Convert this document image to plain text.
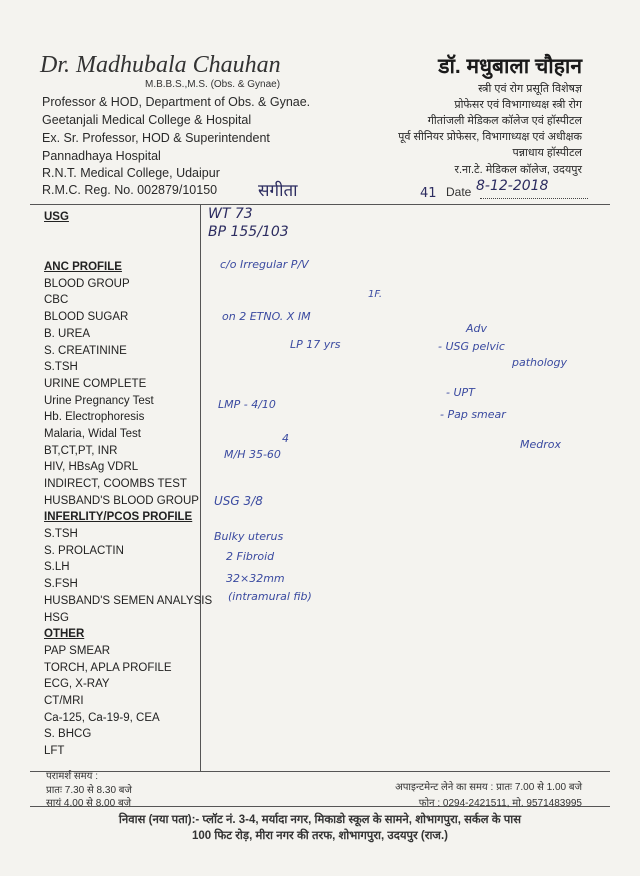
Dr. Madhubala Chauhan
M.B.B.S.,M.S. (Obs. & Gynae)
Professor & HOD, Department of Obs. & Gynae.
Geetanjali Medical College & Hospital
Ex. Sr. Professor, HOD & Superintendent
Pannadhaya Hospital
R.N.T. Medical College, Udaipur
R.M.C. Reg. No. 002879/10150
डॉ. मधुबाला चौहान
स्त्री एवं रोग प्रसूति विशेषज्ञ
प्रोफेसर एवं विभागाध्यक्ष स्त्री रोग
गीतांजली मेडिकल कॉलेज एवं हॉस्पीटल
पूर्व सीनियर प्रोफेसर, विभागाध्यक्ष एवं अधीक्षक
पन्नाधाय हॉस्पीटल
र.ना.टे. मेडिकल कॉलेज, उदयपुर
सगीता	41 Date 8-12-2018
USG
ANC PROFILE
BLOOD GROUP
CBC
BLOOD SUGAR
B. UREA
S. CREATININE
S.TSH
URINE COMPLETE
Urine Pregnancy Test
Hb. Electrophoresis
Malaria, Widal Test
BT,CT,PT, INR
HIV, HBsAg VDRL
INDIRECT, COOMBS TEST
HUSBAND'S BLOOD GROUP
INFERLITY/PCOS PROFILE
S.TSH
S. PROLACTIN
S.LH
S.FSH
HUSBAND'S SEMEN ANALYSIS
HSG
OTHER
PAP SMEAR
TORCH, APLA PROFILE
ECG, X-RAY
CT/MRI
Ca-125, Ca-19-9, CEA
S. BHCG
LFT
WT 73
BP 155/103
c/o Irregular P/V
1F.
on 2 ETNO. X IM
LP 17 yrs
Adv
- USG pelvic
pathology
LMP - 4/10
- UPT
- Pap smear
Medrox
4
M/H 35-60
USG 3/8
Bulky uterus
2 Fibroid
32×32mm
(intramural fib)
परामर्श समय :
प्रातः 7.30 से 8.30 बजे
सायं 4.00 से 8.00 बजे
अपाइन्टमेन्ट लेने का समय : प्रातः 7.00 से 1.00 बजे
फोन : 0294-2421511, मो. 9571483995
निवास (नया पता):- प्लॉट नं. 3-4, मर्यादा नगर, मिकाडो स्कूल के सामने, शोभागपुरा, सर्कल के पास
100 फिट रोड़, मीरा नगर की तरफ, शोभागपुरा, उदयपुर (राज.)
